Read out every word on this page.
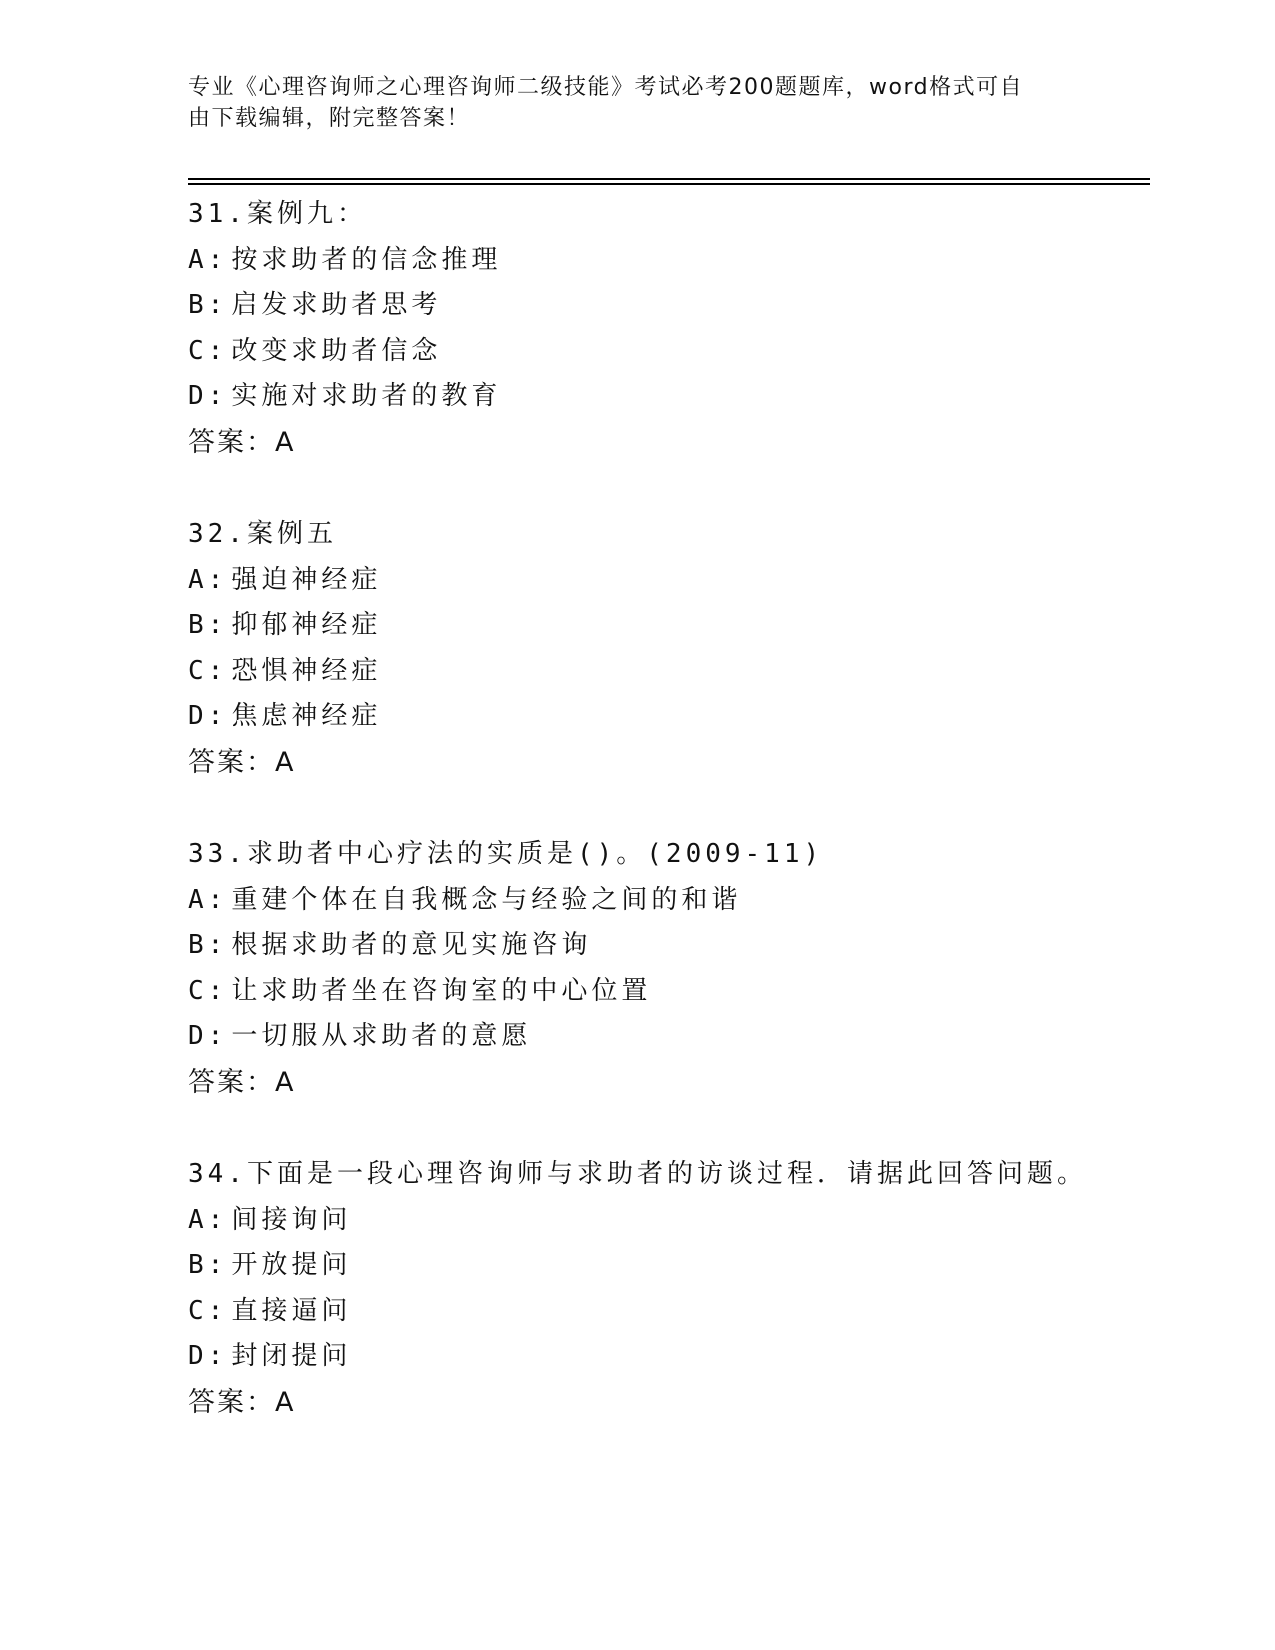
专业《心理咨询师之心理咨询师二级技能》考试必考200题题库，word格式可自
由下载编辑，附完整答案！
31.案例九：
A: 按求助者的信念推理
B: 启发求助者思考
C: 改变求助者信念
D: 实施对求助者的教育
答案：A
32.案例五
A: 强迫神经症
B: 抑郁神经症
C: 恐惧神经症
D: 焦虑神经症
答案：A
33.求助者中心疗法的实质是()。(2009-11)
A: 重建个体在自我概念与经验之间的和谐
B: 根据求助者的意见实施咨询
C: 让求助者坐在咨询室的中心位置
D: 一切服从求助者的意愿
答案：A
34.下面是一段心理咨询师与求助者的访谈过程．请据此回答问题。
A: 间接询问
B: 开放提问
C: 直接逼问
D: 封闭提问
答案：A
